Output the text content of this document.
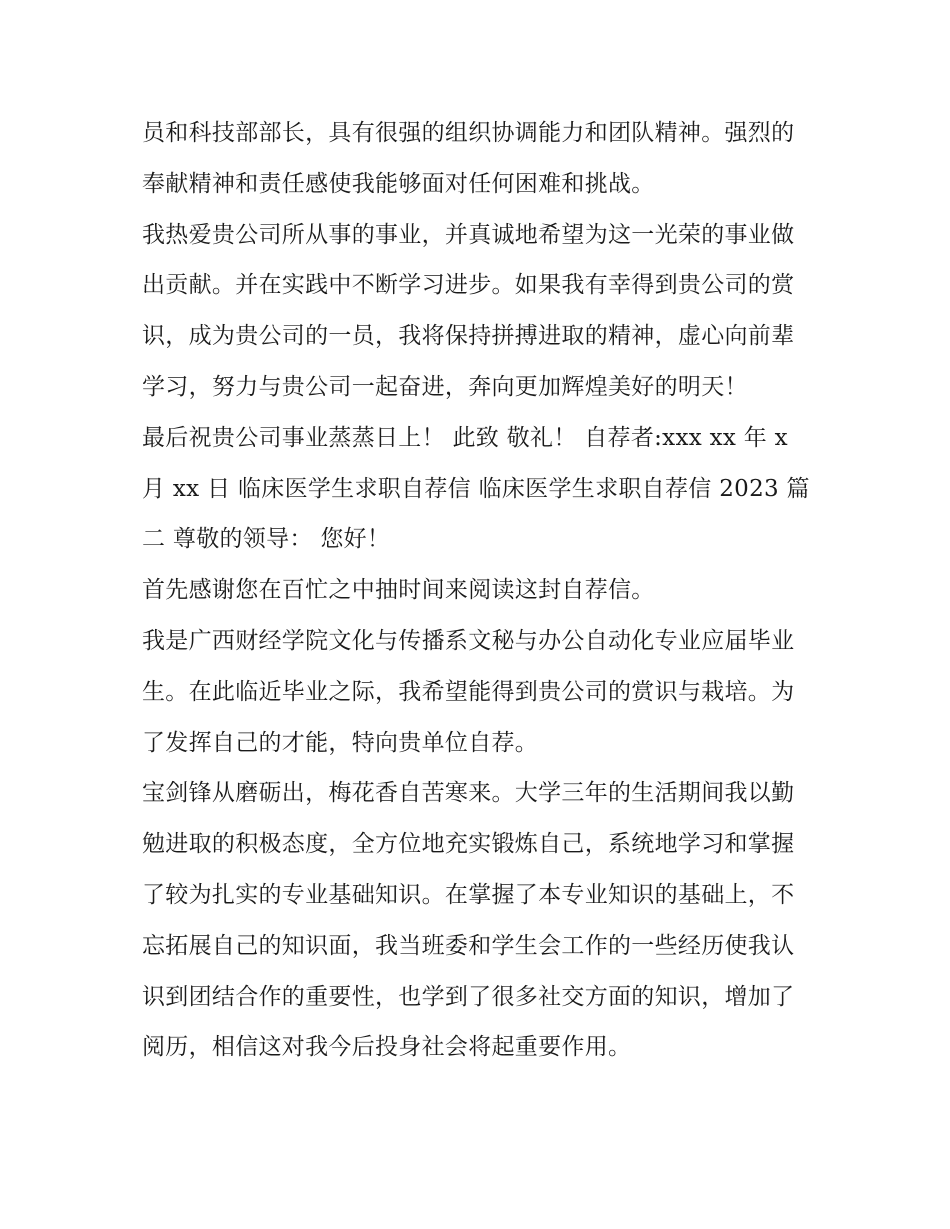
员和科技部部长，具有很强的组织协调能力和团队精神。强烈的奉献精神和责任感使我能够面对任何困难和挑战。

我热爱贵公司所从事的事业，并真诚地希望为这一光荣的事业做出贡献。并在实践中不断学习进步。如果我有幸得到贵公司的赏识，成为贵公司的一员，我将保持拼搏进取的精神，虚心向前辈学习，努力与贵公司一起奋进，奔向更加辉煌美好的明天！

最后祝贵公司事业蒸蒸日上！ 此致 敬礼！ 自荐者:xxx xx 年 x 月 xx 日 临床医学生求职自荐信 临床医学生求职自荐信 2023 篇二 尊敬的领导： 您好！

首先感谢您在百忙之中抽时间来阅读这封自荐信。

我是广西财经学院文化与传播系文秘与办公自动化专业应届毕业生。在此临近毕业之际，我希望能得到贵公司的赏识与栽培。为了发挥自己的才能，特向贵单位自荐。

宝剑锋从磨砺出，梅花香自苦寒来。大学三年的生活期间我以勤勉进取的积极态度，全方位地充实锻炼自己，系统地学习和掌握了较为扎实的专业基础知识。在掌握了本专业知识的基础上，不忘拓展自己的知识面，我当班委和学生会工作的一些经历使我认识到团结合作的重要性，也学到了很多社交方面的知识，增加了阅历，相信这对我今后投身社会将起重要作用。
